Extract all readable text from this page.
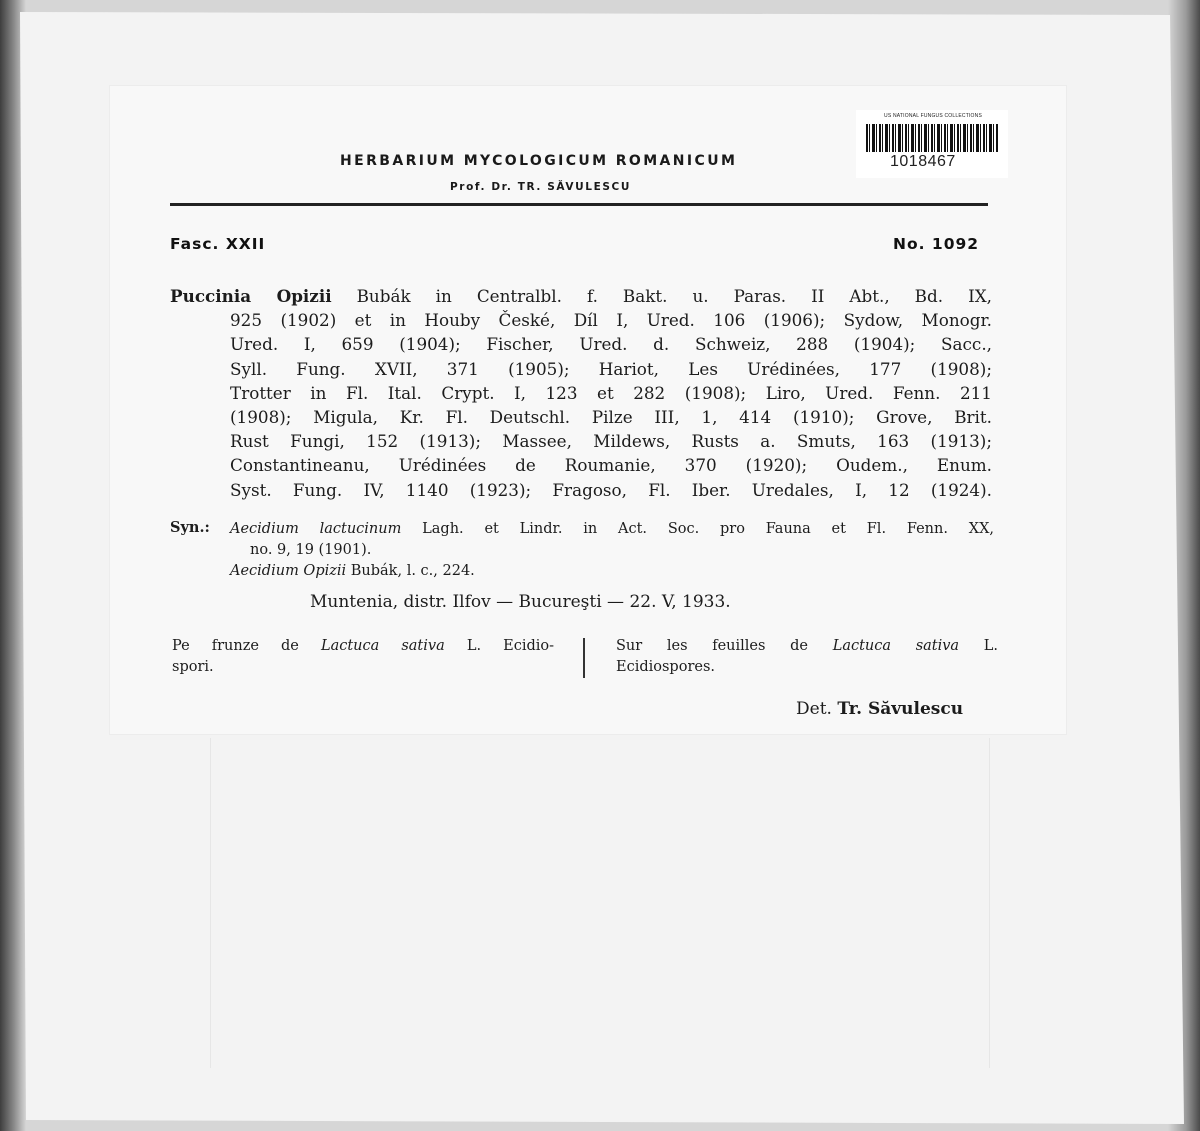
US NATIONAL FUNGUS COLLECTIONS
1018467
HERBARIUM MYCOLOGICUM ROMANICUM
Prof. Dr. TR. SĂVULESCU
Fasc. XXII	No. 1092
Puccinia Opizii Bubák in Centralbl. f. Bakt. u. Paras. II Abt., Bd. IX,
925 (1902) et in Houby České, Díl I, Ured. 106 (1906); Sydow, Monogr.
Ured. I, 659 (1904); Fischer, Ured. d. Schweiz, 288 (1904); Sacc.,
Syll. Fung. XVII, 371 (1905); Hariot, Les Urédinées, 177 (1908);
Trotter in Fl. Ital. Crypt. I, 123 et 282 (1908); Liro, Ured. Fenn. 211
(1908); Migula, Kr. Fl. Deutschl. Pilze III, 1, 414 (1910); Grove, Brit.
Rust Fungi, 152 (1913); Massee, Mildews, Rusts a. Smuts, 163 (1913);
Constantineanu, Urédinées de Roumanie, 370 (1920); Oudem., Enum.
Syst. Fung. IV, 1140 (1923); Fragoso, Fl. Iber. Uredales, I, 12 (1924).
Syn.: Aecidium lactucinum Lagh. et Lindr. in Act. Soc. pro Fauna et Fl. Fenn. XX,
no. 9, 19 (1901).
Aecidium Opizii Bubák, l. c., 224.
Muntenia, distr. Ilfov — Bucureşti — 22. V, 1933.
Pe frunze de Lactuca sativa L. Ecidio-
spori.
Sur les feuilles de Lactuca sativa L.
Ecidiospores.
Det. Tr. Săvulescu
